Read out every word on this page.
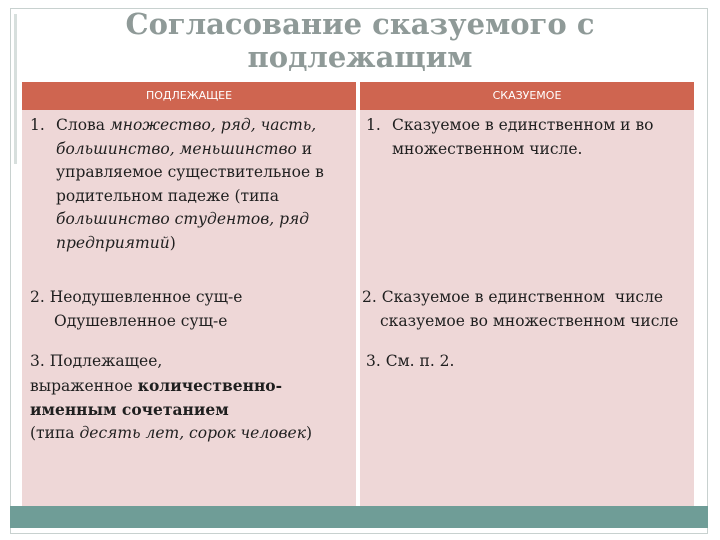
Согласование сказуемого с
подлежащим
ПОДЛЕЖАЩЕЕ	СКАЗУЕМОЕ
1. Слова множество, ряд, часть, большинство, меньшинство и управляемое существительное в родительном падеже (типа большинство студентов, ряд предприятий)
1. Сказуемое в единственном и во множественном числе.
2. Неодушевленное сущ-е
Одушевленное сущ-е
2. Сказуемое в единственном  числе
сказуемое во множественном числе
3. Подлежащее,
выраженное количественно-
именным сочетанием
(типа десять лет, сорок человек)
3. См. п. 2.
